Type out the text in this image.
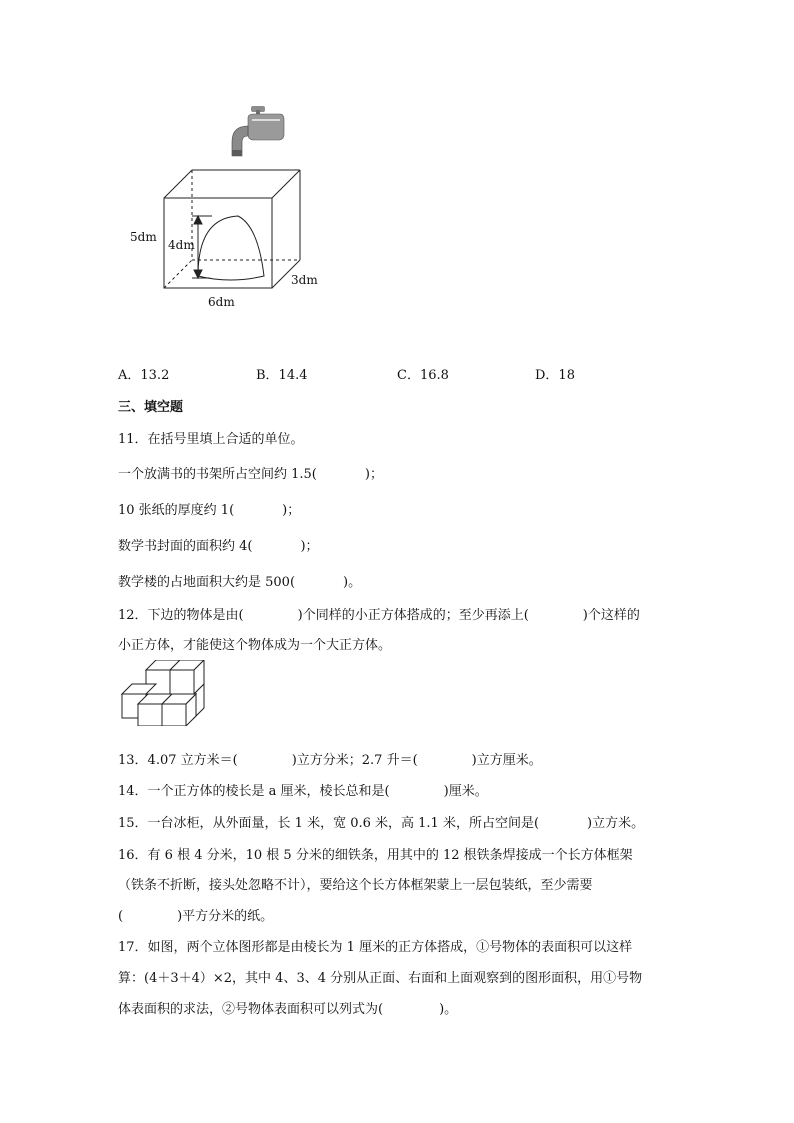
5dm
4dm
6dm
3dm
A．13.2	B．14.4	C．16.8	D．18
三、填空题
11．在括号里填上合适的单位。
一个放满书的书架所占空间约 1.5(	)；
10 张纸的厚度约 1(	)；
数学书封面的面积约 4(	)；
教学楼的占地面积大约是 500(	)。
12．下边的物体是由(	)个同样的小正方体搭成的；至少再添上(	)个这样的
小正方体，才能使这个物体成为一个大正方体。
13．4.07 立方米＝(	)立方分米；2.7 升＝(	)立方厘米。
14．一个正方体的棱长是 a 厘米，棱长总和是(	)厘米。
15．一台冰柜，从外面量，长 1 米，宽 0.6 米，高 1.1 米，所占空间是(	)立方米。
16．有 6 根 4 分米，10 根 5 分米的细铁条，用其中的 12 根铁条焊接成一个长方体框架
（铁条不折断，接头处忽略不计），要给这个长方体框架蒙上一层包装纸，至少需要
(	)平方分米的纸。
17．如图，两个立体图形都是由棱长为 1 厘米的正方体搭成，①号物体的表面积可以这样
算：(4＋3＋4）×2，其中 4、3、4 分别从正面、右面和上面观察到的图形面积，用①号物
体表面积的求法，②号物体表面积可以列式为(	)。
